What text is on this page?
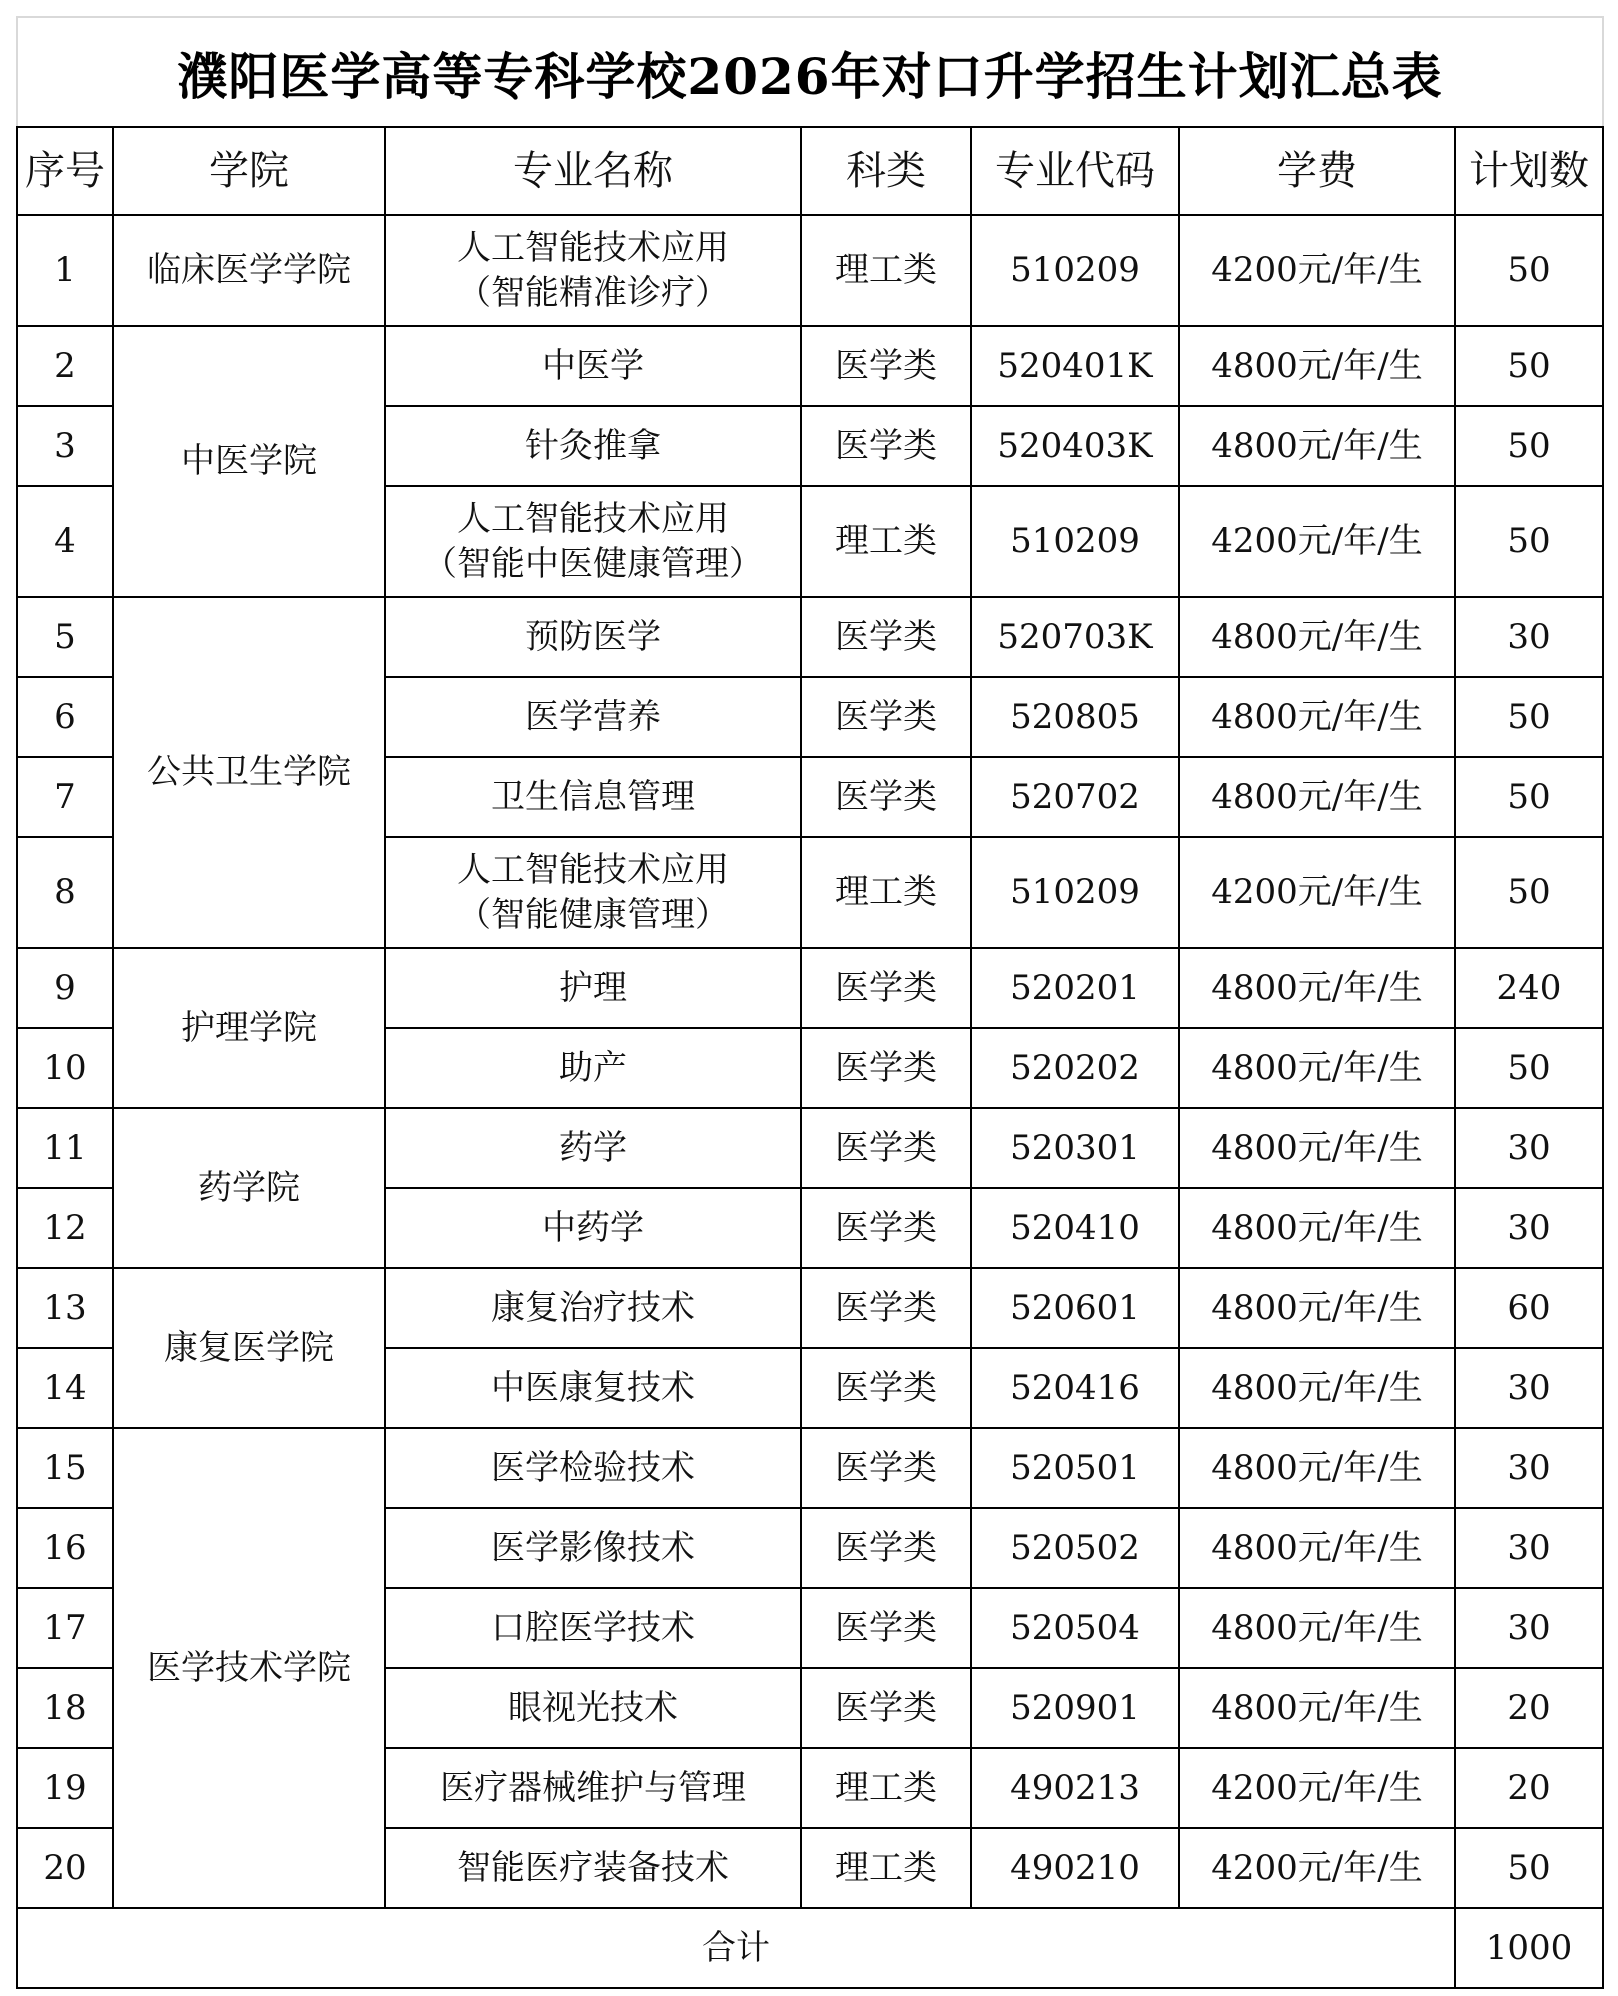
濮阳医学高等专科学校2026年对口升学招生计划汇总表
序号	学院	专业名称	科类	专业代码	学费	计划数
1	临床医学学院	人工智能技术应用
（智能精准诊疗）	理工类	510209	4200元/年/生	50
2	中医学院	中医学	医学类	520401K	4800元/年/生	50
3		针灸推拿	医学类	520403K	4800元/年/生	50
4		人工智能技术应用
（智能中医健康管理）	理工类	510209	4200元/年/生	50
5	公共卫生学院	预防医学	医学类	520703K	4800元/年/生	30
6		医学营养	医学类	520805	4800元/年/生	50
7		卫生信息管理	医学类	520702	4800元/年/生	50
8		人工智能技术应用
（智能健康管理）	理工类	510209	4200元/年/生	50
9	护理学院	护理	医学类	520201	4800元/年/生	240
10		助产	医学类	520202	4800元/年/生	50
11	药学院	药学	医学类	520301	4800元/年/生	30
12		中药学	医学类	520410	4800元/年/生	30
13	康复医学院	康复治疗技术	医学类	520601	4800元/年/生	60
14		中医康复技术	医学类	520416	4800元/年/生	30
15	医学技术学院	医学检验技术	医学类	520501	4800元/年/生	30
16		医学影像技术	医学类	520502	4800元/年/生	30
17		口腔医学技术	医学类	520504	4800元/年/生	30
18		眼视光技术	医学类	520901	4800元/年/生	20
19		医疗器械维护与管理	理工类	490213	4200元/年/生	20
20		智能医疗装备技术	理工类	490210	4200元/年/生	50
合计						1000
